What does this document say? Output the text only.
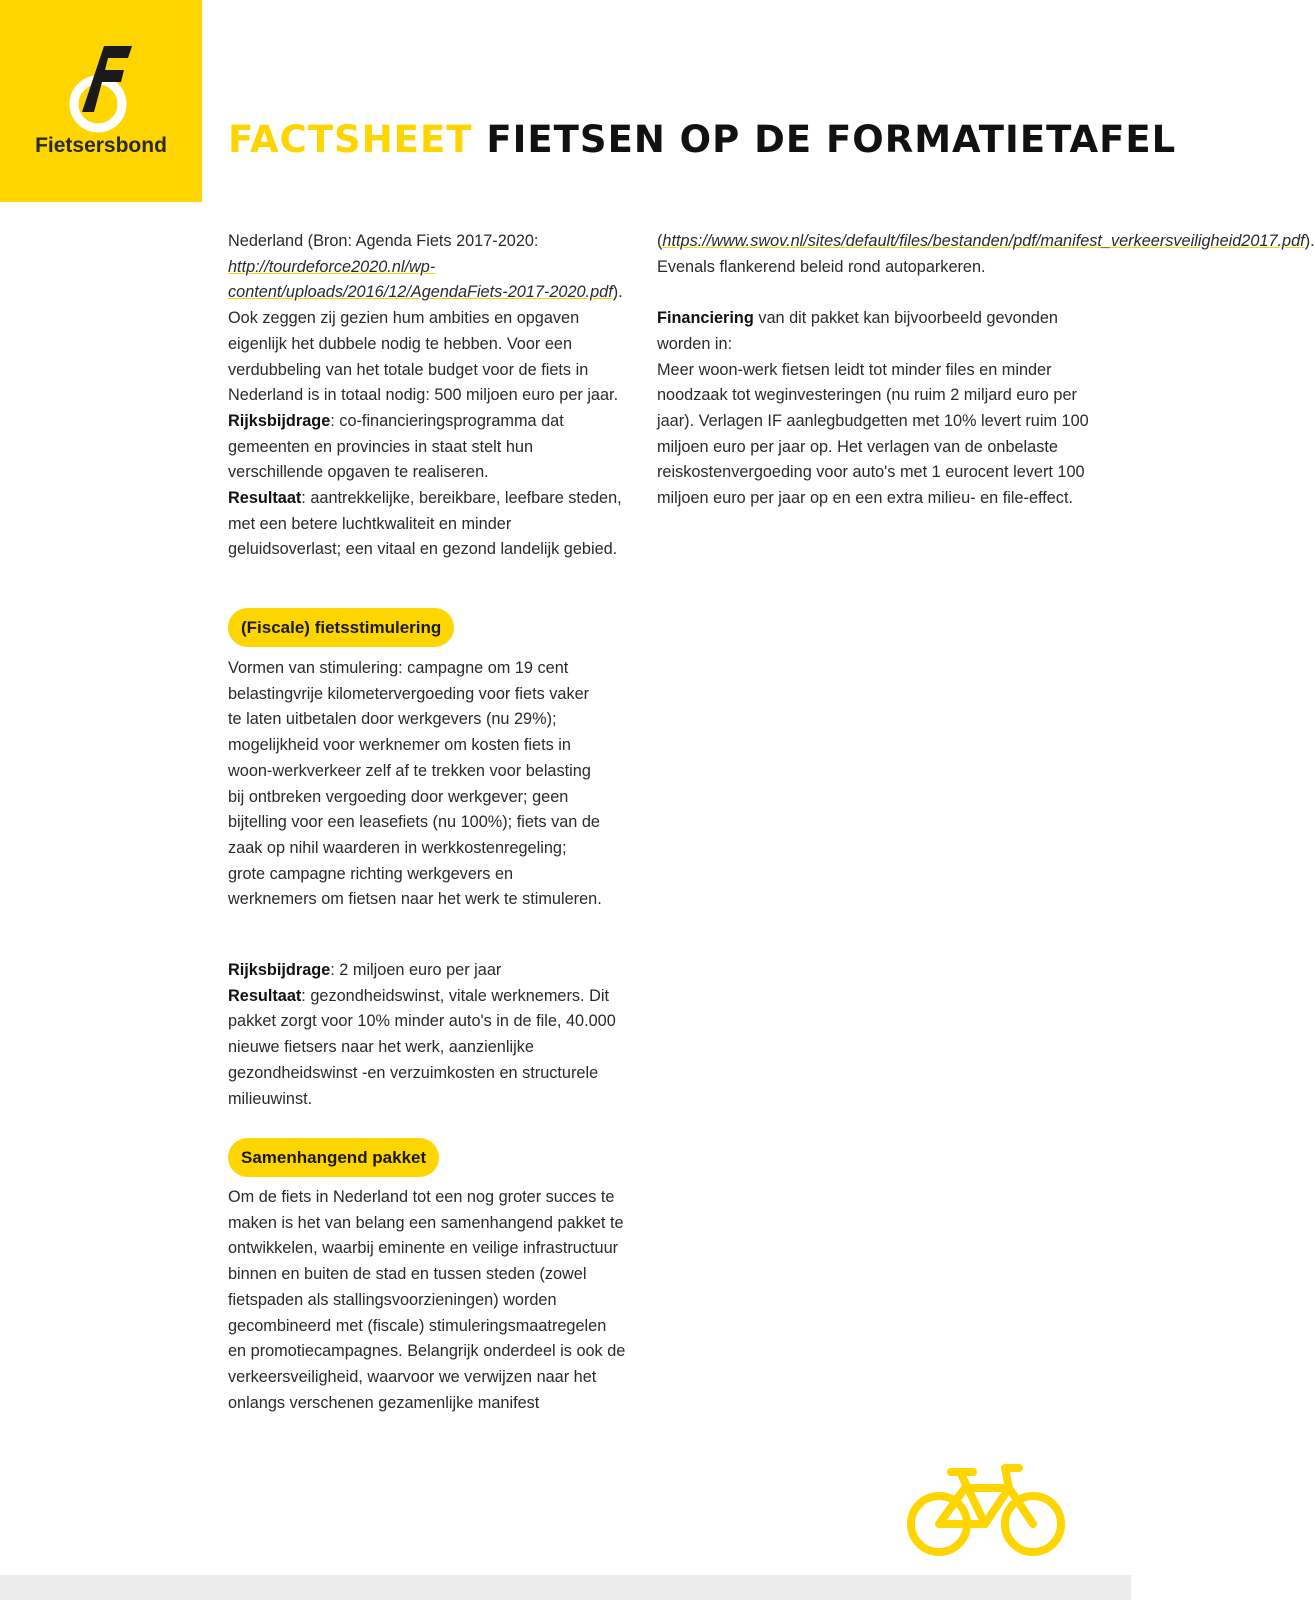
Fietsersbond	FACTSHEET FIETSEN OP DE FORMATIETAFEL

Nederland (Bron: Agenda Fiets 2017-2020: http://tourdeforce2020.nl/wp-content/uploads/2016/12/AgendaFiets-2017-2020.pdf). Ook zeggen zij gezien hum ambities en opgaven eigenlijk het dubbele nodig te hebben. Voor een verdubbeling van het totale budget voor de fiets in Nederland is in totaal nodig: 500 miljoen euro per jaar.

Rijksbijdrage: co-financieringsprogramma dat gemeenten en provincies in staat stelt hun verschillende opgaven te realiseren.

Resultaat: aantrekkelijke, bereikbare, leefbare steden, met een betere luchtkwaliteit en minder geluidsoverlast; een vitaal en gezond landelijk gebied.

(https://www.swov.nl/sites/default/files/bestanden/pdf/manifest_verkeersveiligheid2017.pdf). Evenals flankerend beleid rond autoparkeren.

Financiering van dit pakket kan bijvoorbeeld gevonden worden in:

Meer woon-werk fietsen leidt tot minder files en minder noodzaak tot weginvesteringen (nu ruim 2 miljard euro per jaar). Verlagen IF aanlegbudgetten met 10% levert ruim 100 miljoen euro per jaar op. Het verlagen van de onbelaste reiskostenvergoeding voor auto's met 1 eurocent levert 100 miljoen euro per jaar op en een extra milieu- en file-effect.

(Fiscale) fietsstimulering

Vormen van stimulering: campagne om 19 cent belastingvrije kilometervergoeding voor fiets vaker te laten uitbetalen door werkgevers (nu 29%); mogelijkheid voor werknemer om kosten fiets in woon-werkverkeer zelf af te trekken voor belasting bij ontbreken vergoeding door werkgever; geen bijtelling voor een leasefiets (nu 100%); fiets van de zaak op nihil waarderen in werkkostenregeling; grote campagne richting werkgevers en werknemers om fietsen naar het werk te stimuleren.

Rijksbijdrage: 2 miljoen euro per jaar

Resultaat: gezondheidswinst, vitale werknemers. Dit pakket zorgt voor 10% minder auto's in de file, 40.000 nieuwe fietsers naar het werk, aanzienlijke gezondheidswinst -en verzuimkosten en structurele milieuwinst.

Samenhangend pakket

Om de fiets in Nederland tot een nog groter succes te maken is het van belang een samenhangend pakket te ontwikkelen, waarbij eminente en veilige infrastructuur binnen en buiten de stad en tussen steden (zowel fietspaden als stallingsvoorzieningen) worden gecombineerd met (fiscale) stimuleringsmaatregelen en promotiecampagnes. Belangrijk onderdeel is ook de verkeersveiligheid, waarvoor we verwijzen naar het onlangs verschenen gezamenlijke manifest
